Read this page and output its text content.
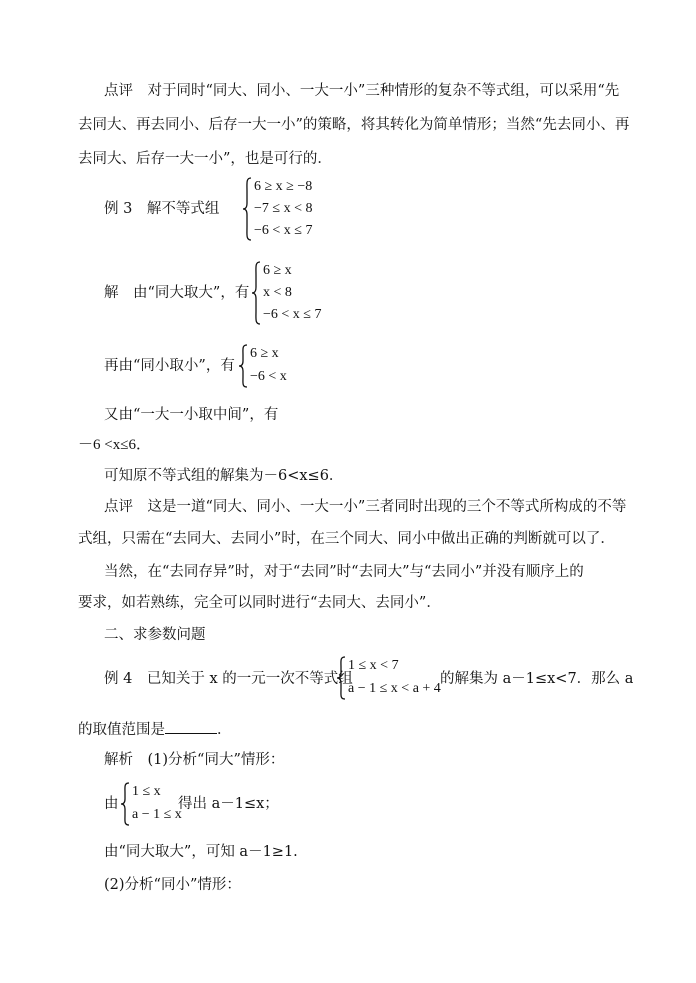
点评　对于同时“同大、同小、一大一小”三种情形的复杂不等式组，可以采用“先
去同大、再去同小、后存一大一小”的策略，将其转化为简单情形；当然“先去同小、再
去同大、后存一大一小”，也是可行的．
例 3　解不等式组
6 ≥ x ≥ −8
−7 ≤ x < 8
−6 < x ≤ 7
解　由“同大取大”，有
6 ≥ x
x < 8
−6 < x ≤ 7
再由“同小取小”，有
6 ≥ x
−6 < x
又由“一大一小取中间”，有
－6 <x≤6．
可知原不等式组的解集为－6<x≤6．
点评　这是一道“同大、同小、一大一小”三者同时出现的三个不等式所构成的不等
式组，只需在“去同大、去同小”时，在三个同大、同小中做出正确的判断就可以了．
当然，在“去同存异”时，对于“去同”时“去同大”与“去同小”并没有顺序上的
要求，如若熟练，完全可以同时进行“去同大、去同小”．
二、求参数问题
例 4　已知关于 x 的一元一次不等式组
1 ≤ x < 7
a − 1 ≤ x < a + 4
的解集为 a－1≤x<7．那么 a
的取值范围是	．
解析　(1)分析“同大”情形：
由
1 ≤ x
a − 1 ≤ x
得出 a－1≤x；
由“同大取大”，可知 a－1≥1.
(2)分析“同小”情形：
